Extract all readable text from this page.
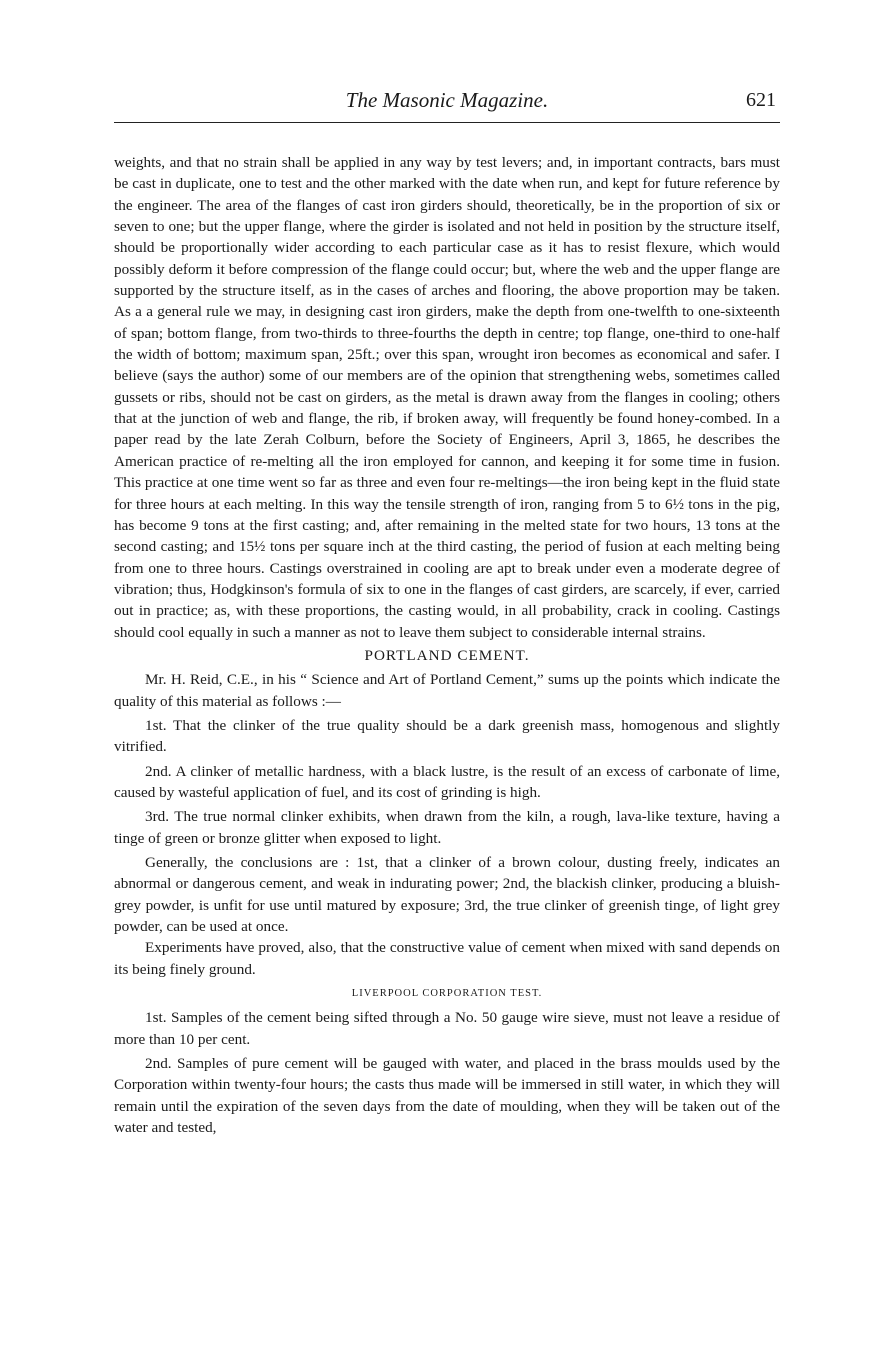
The Masonic Magazine.	621

weights, and that no strain shall be applied in any way by test levers; and, in important contracts, bars must be cast in duplicate, one to test and the other marked with the date when run, and kept for future reference by the engineer. The area of the flanges of cast iron girders should, theoretically, be in the proportion of six or seven to one; but the upper flange, where the girder is isolated and not held in position by the structure itself, should be proportionally wider according to each particular case as it has to resist flexure, which would possibly deform it before compression of the flange could occur; but, where the web and the upper flange are supported by the structure itself, as in the cases of arches and flooring, the above proportion may be taken. As a a general rule we may, in designing cast iron girders, make the depth from one-twelfth to one-sixteenth of span; bottom flange, from two-thirds to three-fourths the depth in centre; top flange, one-third to one-half the width of bottom; maximum span, 25ft.; over this span, wrought iron becomes as economical and safer. I believe (says the author) some of our members are of the opinion that strengthening webs, sometimes called gussets or ribs, should not be cast on girders, as the metal is drawn away from the flanges in cooling; others that at the junction of web and flange, the rib, if broken away, will frequently be found honey-combed. In a paper read by the late Zerah Colburn, before the Society of Engineers, April 3, 1865, he describes the American practice of re-melting all the iron employed for cannon, and keeping it for some time in fusion. This practice at one time went so far as three and even four re-meltings—the iron being kept in the fluid state for three hours at each melting. In this way the tensile strength of iron, ranging from 5 to 6½ tons in the pig, has become 9 tons at the first casting; and, after remaining in the melted state for two hours, 13 tons at the second casting; and 15½ tons per square inch at the third casting, the period of fusion at each melting being from one to three hours. Castings overstrained in cooling are apt to break under even a moderate degree of vibration; thus, Hodgkinson's formula of six to one in the flanges of cast girders, are scarcely, if ever, carried out in practice; as, with these proportions, the casting would, in all probability, crack in cooling. Castings should cool equally in such a manner as not to leave them subject to considerable internal strains.

PORTLAND CEMENT.

Mr. H. Reid, C.E., in his “ Science and Art of Portland Cement,” sums up the points which indicate the quality of this material as follows :—

1st. That the clinker of the true quality should be a dark greenish mass, homogenous and slightly vitrified.

2nd. A clinker of metallic hardness, with a black lustre, is the result of an excess of carbonate of lime, caused by wasteful application of fuel, and its cost of grinding is high.

3rd. The true normal clinker exhibits, when drawn from the kiln, a rough, lava-like texture, having a tinge of green or bronze glitter when exposed to light.

Generally, the conclusions are : 1st, that a clinker of a brown colour, dusting freely, indicates an abnormal or dangerous cement, and weak in indurating power; 2nd, the blackish clinker, producing a bluish-grey powder, is unfit for use until matured by exposure; 3rd, the true clinker of greenish tinge, of light grey powder, can be used at once.

Experiments have proved, also, that the constructive value of cement when mixed with sand depends on its being finely ground.

LIVERPOOL CORPORATION TEST.

1st. Samples of the cement being sifted through a No. 50 gauge wire sieve, must not leave a residue of more than 10 per cent.

2nd. Samples of pure cement will be gauged with water, and placed in the brass moulds used by the Corporation within twenty-four hours; the casts thus made will be immersed in still water, in which they will remain until the expiration of the seven days from the date of moulding, when they will be taken out of the water and tested,
